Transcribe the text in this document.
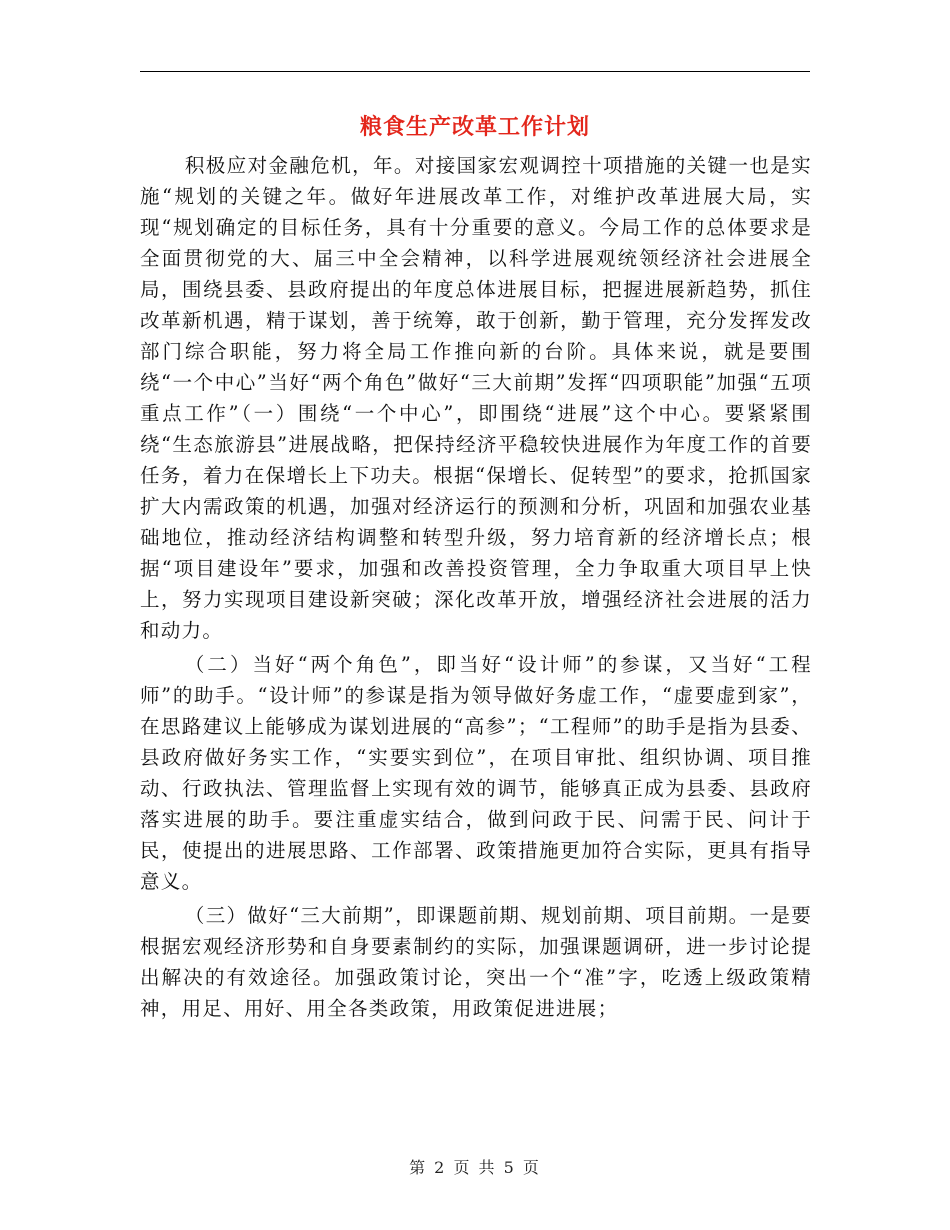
粮食生产改革工作计划

积极应对金融危机，年。对接国家宏观调控十项措施的关键一也是实施“规划的关键之年。做好年进展改革工作，对维护改革进展大局，实现“规划确定的目标任务，具有十分重要的意义。今局工作的总体要求是全面贯彻党的大、届三中全会精神，以科学进展观统领经济社会进展全局，围绕县委、县政府提出的年度总体进展目标，把握进展新趋势，抓住改革新机遇，精于谋划，善于统筹，敢于创新，勤于管理，充分发挥发改部门综合职能，努力将全局工作推向新的台阶。具体来说，就是要围绕“一个中心”当好“两个角色”做好“三大前期”发挥“四项职能”加强“五项重点工作”（一）围绕“一个中心”，即围绕“进展”这个中心。要紧紧围绕“生态旅游县”进展战略，把保持经济平稳较快进展作为年度工作的首要任务，着力在保增长上下功夫。根据“保增长、促转型”的要求，抢抓国家扩大内需政策的机遇，加强对经济运行的预测和分析，巩固和加强农业基础地位，推动经济结构调整和转型升级，努力培育新的经济增长点；根据“项目建设年”要求，加强和改善投资管理，全力争取重大项目早上快上，努力实现项目建设新突破；深化改革开放，增强经济社会进展的活力和动力。

（二）当好“两个角色”，即当好“设计师”的参谋，又当好“工程师”的助手。“设计师”的参谋是指为领导做好务虚工作，“虚要虚到家”，在思路建议上能够成为谋划进展的“高参”；“工程师”的助手是指为县委、县政府做好务实工作，“实要实到位”，在项目审批、组织协调、项目推动、行政执法、管理监督上实现有效的调节，能够真正成为县委、县政府落实进展的助手。要注重虚实结合，做到问政于民、问需于民、问计于民，使提出的进展思路、工作部署、政策措施更加符合实际，更具有指导意义。

（三）做好“三大前期”，即课题前期、规划前期、项目前期。一是要根据宏观经济形势和自身要素制约的实际，加强课题调研，进一步讨论提出解决的有效途径。加强政策讨论，突出一个“准”字，吃透上级政策精神，用足、用好、用全各类政策，用政策促进进展；

第 2 页 共 5 页
